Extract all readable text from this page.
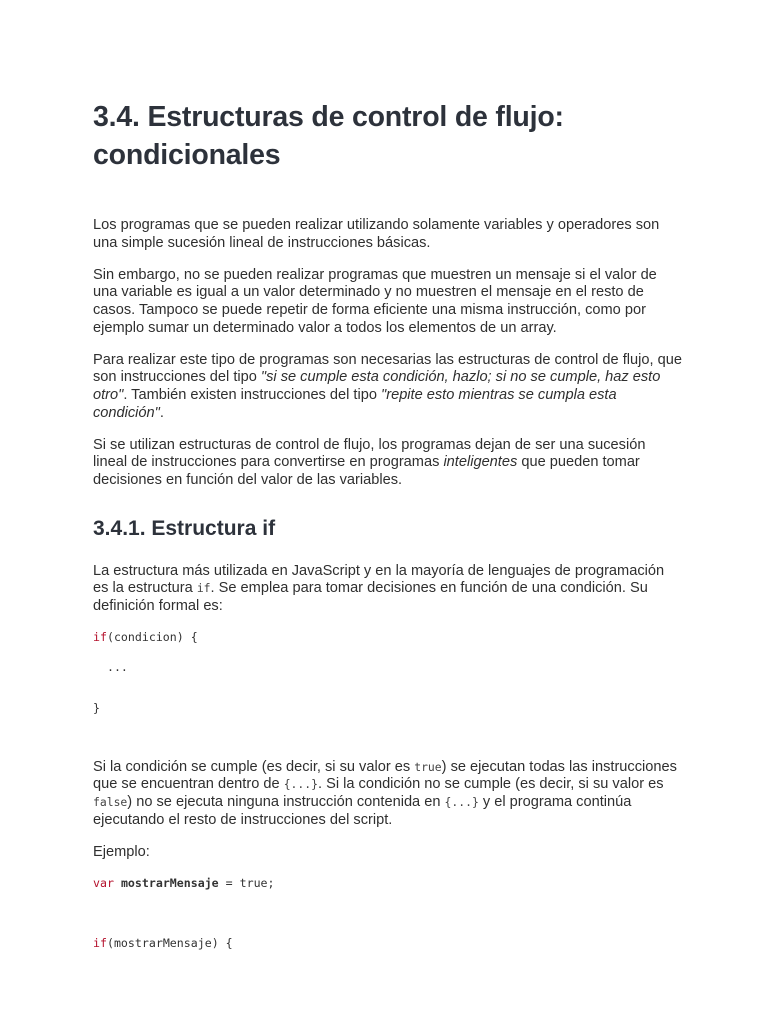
3.4. Estructuras de control de flujo:
condicionales

Los programas que se pueden realizar utilizando solamente variables y operadores son una simple sucesión lineal de instrucciones básicas.

Sin embargo, no se pueden realizar programas que muestren un mensaje si el valor de una variable es igual a un valor determinado y no muestren el mensaje en el resto de casos. Tampoco se puede repetir de forma eficiente una misma instrucción, como por ejemplo sumar un determinado valor a todos los elementos de un array.

Para realizar este tipo de programas son necesarias las estructuras de control de flujo, que son instrucciones del tipo "si se cumple esta condición, hazlo; si no se cumple, haz esto otro". También existen instrucciones del tipo "repite esto mientras se cumpla esta condición".

Si se utilizan estructuras de control de flujo, los programas dejan de ser una sucesión lineal de instrucciones para convertirse en programas inteligentes que pueden tomar decisiones en función del valor de las variables.

3.4.1. Estructura if

La estructura más utilizada en JavaScript y en la mayoría de lenguajes de programación es la estructura if. Se emplea para tomar decisiones en función de una condición. Su definición formal es:

if(condicion) {
...
}

Si la condición se cumple (es decir, si su valor es true) se ejecutan todas las instrucciones que se encuentran dentro de {...}. Si la condición no se cumple (es decir, si su valor es false) no se ejecuta ninguna instrucción contenida en {...} y el programa continúa ejecutando el resto de instrucciones del script.

Ejemplo:

var mostrarMensaje = true;
if(mostrarMensaje) {
